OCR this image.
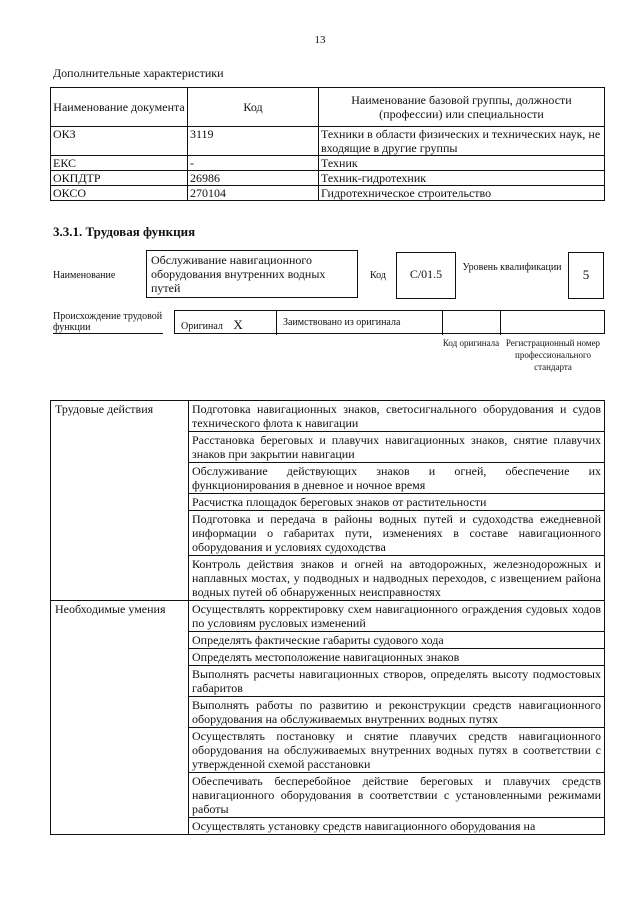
13
Дополнительные характеристики
Наименование документа	Код	Наименование базовой группы, должности (профессии) или специальности
ОКЗ	3119	Техники в области физических и технических наук, не входящие в другие группы
ЕКС	-	Техник
ОКПДТР	26986	Техник-гидротехник
ОКСО	270104	Гидротехническое строительство
3.3.1. Трудовая функция
Наименование
Обслуживание навигационного оборудования внутренних водных путей
Код	С/01.5	Уровень квалификации	5
Происхождение трудовой функции	Оригинал X	Заимствовано из оригинала
Код оригинала Регистрационный номер профессионального стандарта
Трудовые действия	Подготовка навигационных знаков, светосигнального оборудования и судов технического флота к навигации
	Расстановка береговых и плавучих навигационных знаков, снятие плавучих знаков при закрытии навигации
	Обслуживание действующих знаков и огней, обеспечение их функционирования в дневное и ночное время
	Расчистка площадок береговых знаков от растительности
	Подготовка и передача в районы водных путей и судоходства ежедневной информации о габаритах пути, изменениях в составе навигационного оборудования и условиях судоходства
	Контроль действия знаков и огней на автодорожных, железнодорожных и наплавных мостах, у подводных и надводных переходов, с извещением района водных путей об обнаруженных неисправностях
Необходимые умения	Осуществлять корректировку схем навигационного ограждения судовых ходов по условиям русловых изменений
	Определять фактические габариты судового хода
	Определять местоположение навигационных знаков
	Выполнять расчеты навигационных створов, определять высоту подмостовых габаритов
	Выполнять работы по развитию и реконструкции средств навигационного оборудования на обслуживаемых внутренних водных путях
	Осуществлять постановку и снятие плавучих средств навигационного оборудования на обслуживаемых внутренних водных путях в соответствии с утвержденной схемой расстановки
	Обеспечивать бесперебойное действие береговых и плавучих средств навигационного оборудования в соответствии с установленными режимами работы
	Осуществлять установку средств навигационного оборудования на
